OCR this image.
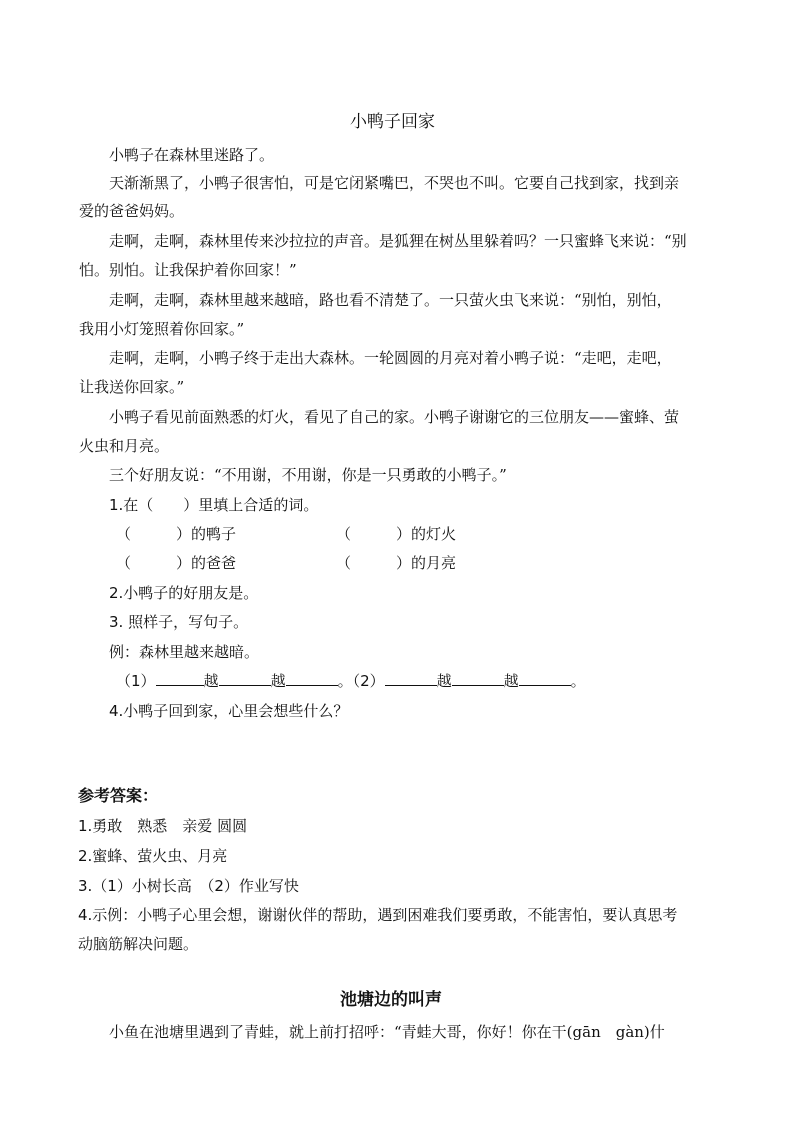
小鸭子回家
小鸭子在森林里迷路了。
天渐渐黑了，小鸭子很害怕，可是它闭紧嘴巴，不哭也不叫。它要自己找到家，找到亲
爱的爸爸妈妈。
走啊，走啊，森林里传来沙拉拉的声音。是狐狸在树丛里躲着吗？一只蜜蜂飞来说：“别
怕。别怕。让我保护着你回家！”
走啊，走啊，森林里越来越暗，路也看不清楚了。一只萤火虫飞来说：“别怕，别怕，
我用小灯笼照着你回家。”
走啊，走啊，小鸭子终于走出大森林。一轮圆圆的月亮对着小鸭子说：“走吧，走吧，
让我送你回家。”
小鸭子看见前面熟悉的灯火，看见了自己的家。小鸭子谢谢它的三位朋友——蜜蜂、萤
火虫和月亮。
三个好朋友说：“不用谢，不用谢，你是一只勇敢的小鸭子。”
1.在（　　）里填上合适的词。
（　　　）的鸭子	（　　　）的灯火
（　　　）的爸爸	（　　　）的月亮
2.小鸭子的好朋友是。
3. 照样子，写句子。
例：森林里越来越暗。
（1）	越	越	。（2）	越	越	。
4.小鸭子回到家，心里会想些什么？
参考答案：
1.勇敢　熟悉　亲爱 圆圆
2.蜜蜂、萤火虫、月亮
3.（1）小树长高　（2）作业写快
4.示例：小鸭子心里会想，谢谢伙伴的帮助，遇到困难我们要勇敢，不能害怕，要认真思考
动脑筋解决问题。
池塘边的叫声
小鱼在池塘里遇到了青蛙，就上前打招呼：“青蛙大哥，你好！你在干(gān　gàn)什
